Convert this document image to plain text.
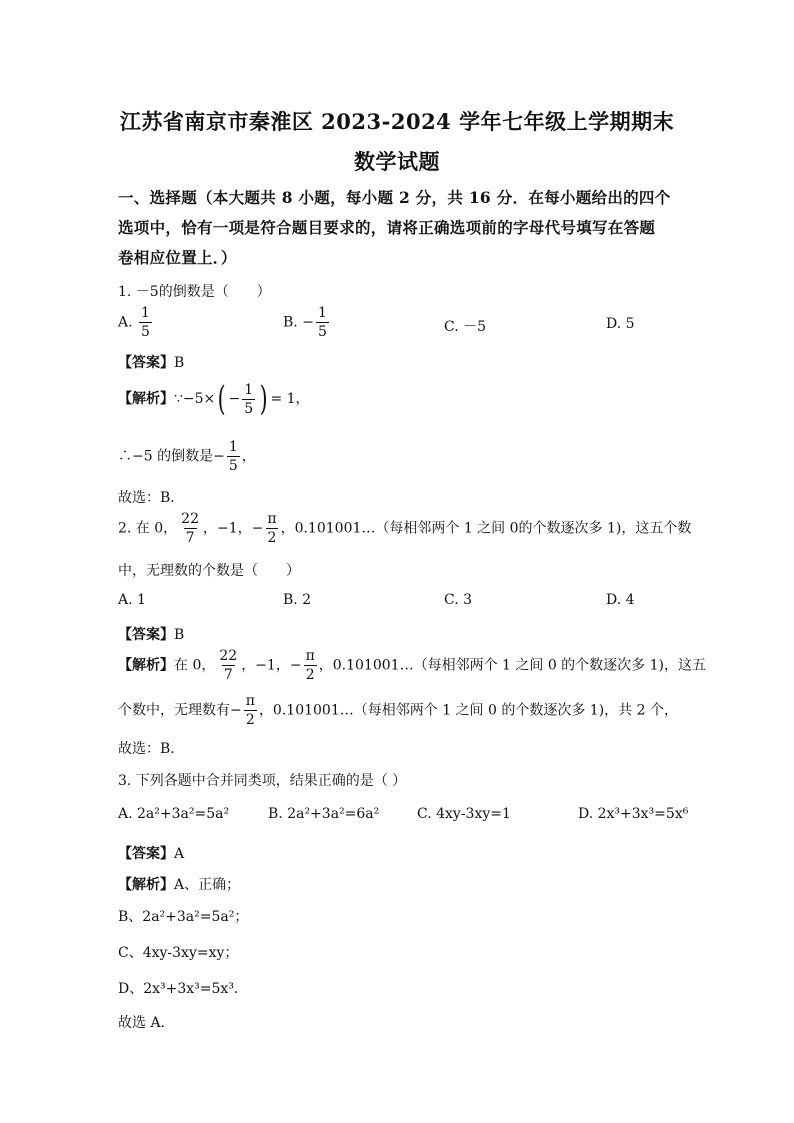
江苏省南京市秦淮区 2023-2024 学年七年级上学期期末
数学试题
一、选择题（本大题共 8 小题，每小题 2 分，共 16 分．在每小题给出的四个
选项中，恰有一项是符合题目要求的，请将正确选项前的字母代号填写在答题
卷相应位置上．）
1. －5的倒数是（　　）
A. $\frac{1}{5}$	B. − $\frac{1}{5}$	C. －5	D. 5
【答案】B
【解析】∵−5×( − $\frac{1}{5}$ ) = 1，
∴−5 的倒数是− $\frac{1}{5}$ ，
故选：B．
2. 在 0， $\frac{22}{7}$ ，−1，− $\frac{\pi}{2}$ ，0.101001…（每相邻两个 1 之间 0的个数逐次多 1)，这五个数
中，无理数的个数是（　　）
A. 1	B. 2	C. 3	D. 4
【答案】B
【解析】在 0， $\frac{22}{7}$ ，−1，− $\frac{\pi}{2}$ ，0.101001…（每相邻两个 1 之间 0 的个数逐次多 1)，这五
个数中，无理数有− $\frac{\pi}{2}$ ，0.101001…（每相邻两个 1 之间 0 的个数逐次多 1)，共 2 个，
故选：B．
3. 下列各题中合并同类项，结果正确的是（ ）
A. 2a²+3a²=5a²	B. 2a²+3a²=6a²	C. 4xy-3xy=1	D. 2x³+3x³=5x⁶
【答案】A
【解析】A、正确；
B、2a²+3a²=5a²；
C、4xy-3xy=xy；
D、2x³+3x³=5x³．
故选 A．
